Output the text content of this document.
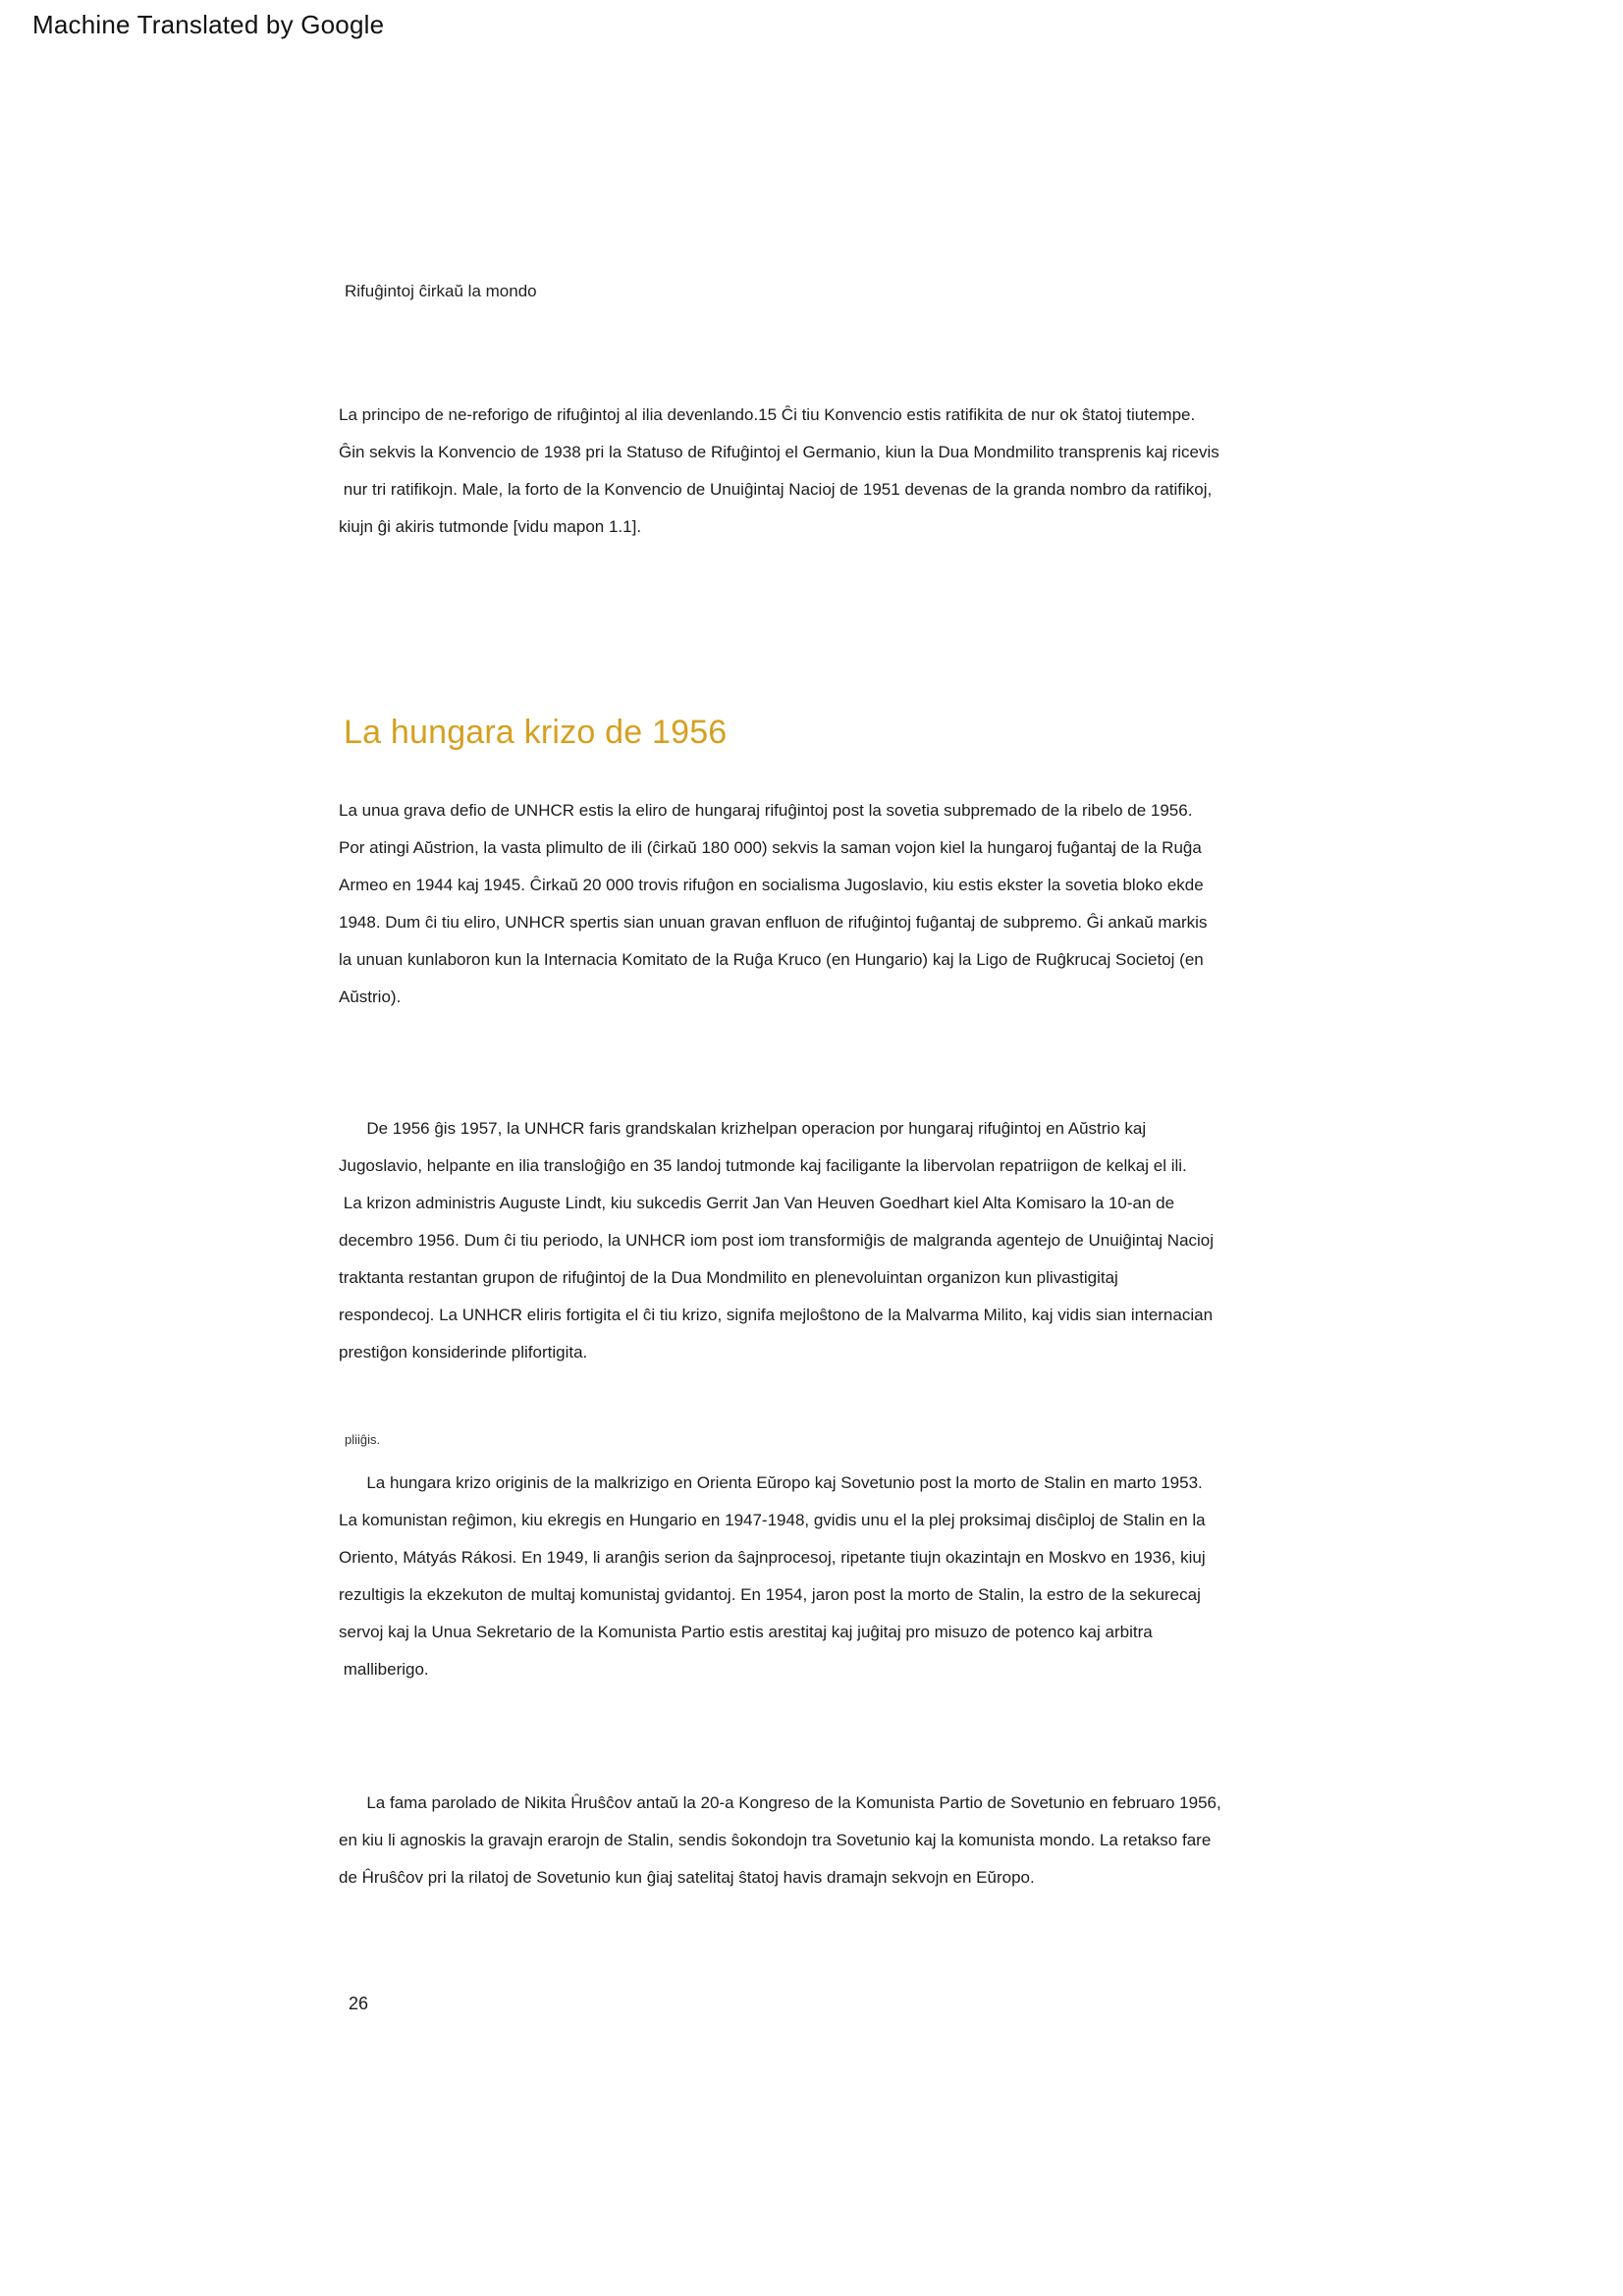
Machine Translated by Google
Rifuĝintoj ĉirkaŭ la mondo
La principo de ne-reforigo de rifuĝintoj al ilia devenlando.15 Ĉi tiu Konvencio estis ratifikita de nur ok ŝtatoj tiutempe.
Ĝin sekvis la Konvencio de 1938 pri la Statuso de Rifuĝintoj el Germanio, kiun la Dua Mondmilito transprenis kaj ricevis
nur tri ratifikojn. Male, la forto de la Konvencio de Unuiĝintaj Nacioj de 1951 devenas de la granda nombro da ratifikoj,
kiujn ĝi akiris tutmonde [vidu mapon 1.1].
La hungara krizo de 1956
La unua grava defio de UNHCR estis la eliro de hungaraj rifuĝintoj post la sovetia subpremado de la ribelo de 1956.
Por atingi Aŭstrion, la vasta plimulto de ili (ĉirkaŭ 180 000) sekvis la saman vojon kiel la hungaroj fuĝantaj de la Ruĝa
Armeo en 1944 kaj 1945. Ĉirkaŭ 20 000 trovis rifuĝon en socialisma Jugoslavio, kiu estis ekster la sovetia bloko ekde
1948. Dum ĉi tiu eliro, UNHCR spertis sian unuan gravan enfluon de rifuĝintoj fuĝantaj de subpremo. Ĝi ankaŭ markis
la unuan kunlaboron kun la Internacia Komitato de la Ruĝa Kruco (en Hungario) kaj la Ligo de Ruĝkrucaj Societoj (en
Aŭstrio).
De 1956 ĝis 1957, la UNHCR faris grandskalan krizhelpan operacion por hungaraj rifuĝintoj en Aŭstrio kaj
Jugoslavio, helpante en ilia transloĝiĝo en 35 landoj tutmonde kaj faciligante la libervolan repatriigon de kelkaj el ili.
La krizon administris Auguste Lindt, kiu sukcedis Gerrit Jan Van Heuven Goedhart kiel Alta Komisaro la 10-an de
decembro 1956. Dum ĉi tiu periodo, la UNHCR iom post iom transformiĝis de malgranda agentejo de Unuiĝintaj Nacioj
traktanta restantan grupon de rifuĝintoj de la Dua Mondmilito en plenevoluintan organizon kun plivastigitaj
respondecoj. La UNHCR eliris fortigita el ĉi tiu krizo, signifa mejloŝtono de la Malvarma Milito, kaj vidis sian internacian
prestiĝon konsiderinde plifortigita.
pliiĝis.
La hungara krizo originis de la malkrizigo en Orienta Eŭropo kaj Sovetunio post la morto de Stalin en marto 1953.
La komunistan reĝimon, kiu ekregis en Hungario en 1947-1948, gvidis unu el la plej proksimaj disĉiploj de Stalin en la
Oriento, Mátyás Rákosi. En 1949, li aranĝis serion da ŝajnprocesoj, ripetante tiujn okazintajn en Moskvo en 1936, kiuj
rezultigis la ekzekuton de multaj komunistaj gvidantoj. En 1954, jaron post la morto de Stalin, la estro de la sekurecaj
servoj kaj la Unua Sekretario de la Komunista Partio estis arestitaj kaj juĝitaj pro misuzo de potenco kaj arbitra
malliberigo.
La fama parolado de Nikita Ĥruŝĉov antaŭ la 20-a Kongreso de la Komunista Partio de Sovetunio en februaro 1956,
en kiu li agnoskis la gravajn erarojn de Stalin, sendis ŝokondojn tra Sovetunio kaj la komunista mondo. La retakso fare
de Ĥruŝĉov pri la rilatoj de Sovetunio kun ĝiaj satelitaj ŝtatoj havis dramajn sekvojn en Eŭropo.
26
